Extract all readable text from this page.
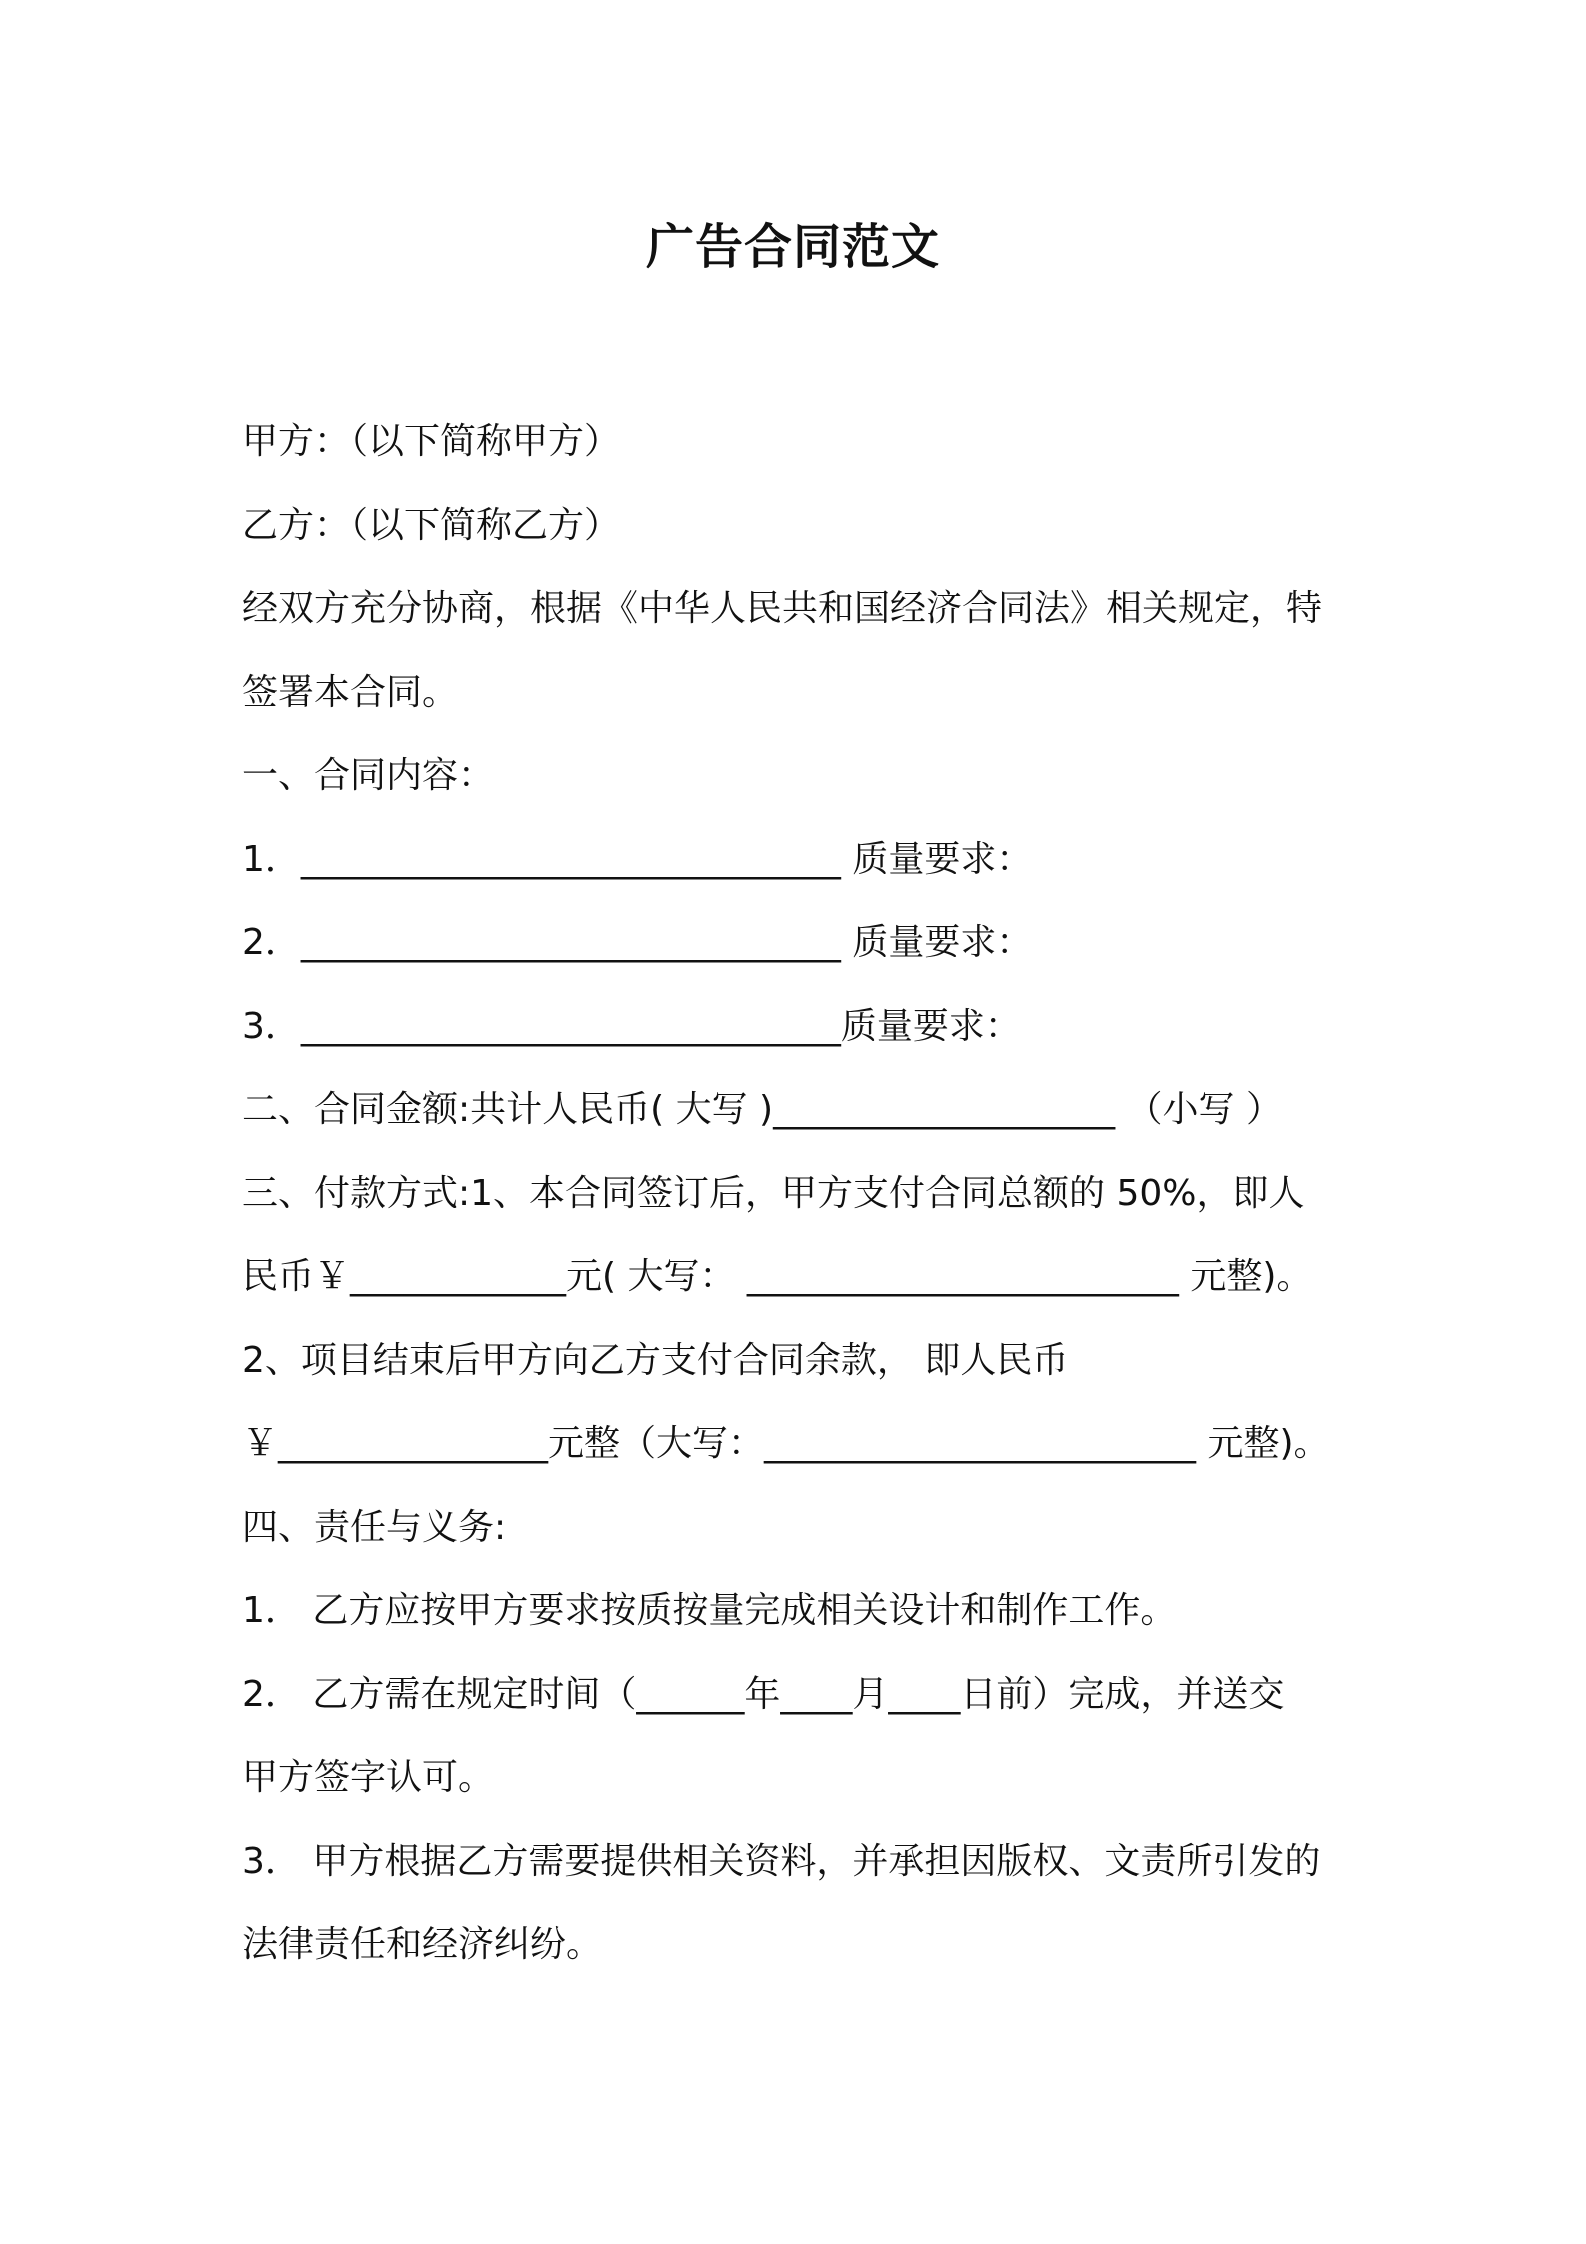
广告合同范文
甲方：（以下简称甲方）
乙方：（以下简称乙方）
经双方充分协商，根据《中华人民共和国经济合同法》相关规定，特
签署本合同。
一、合同内容：
1．______________________________ 质量要求：
2．______________________________ 质量要求：
3．______________________________质量要求：
二、合同金额:共计人民币( 大写 )___________________ （小写 ）
三、付款方式:1、本合同签订后，甲方支付合同总额的 50%，即人
民币￥____________元( 大写： ________________________ 元整)。
2、项目结束后甲方向乙方支付合同余款， 即人民币
￥_______________元整（大写：________________________ 元整)。
四、责任与义务:
1． 乙方应按甲方要求按质按量完成相关设计和制作工作。
2． 乙方需在规定时间（______年____月____日前）完成，并送交
甲方签字认可。
3． 甲方根据乙方需要提供相关资料，并承担因版权、文责所引发的
法律责任和经济纠纷。
